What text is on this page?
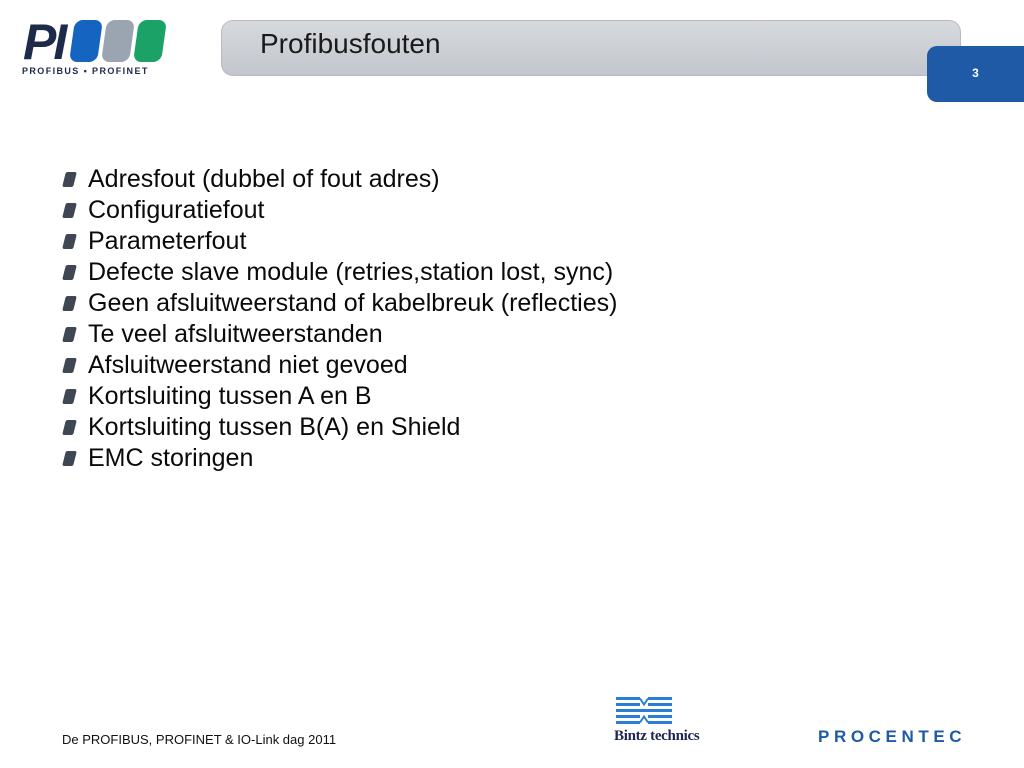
PI
PROFIBUS • PROFINET
Profibusfouten
3
Adresfout (dubbel of fout adres)
Configuratiefout
Parameterfout
Defecte slave module (retries,station lost, sync)
Geen afsluitweerstand of kabelbreuk (reflecties)
Te veel afsluitweerstanden
Afsluitweerstand niet gevoed
Kortsluiting tussen A en B
Kortsluiting tussen B(A) en Shield
EMC storingen
De PROFIBUS, PROFINET & IO-Link dag 2011	Bintz technics	PROCENTEC
